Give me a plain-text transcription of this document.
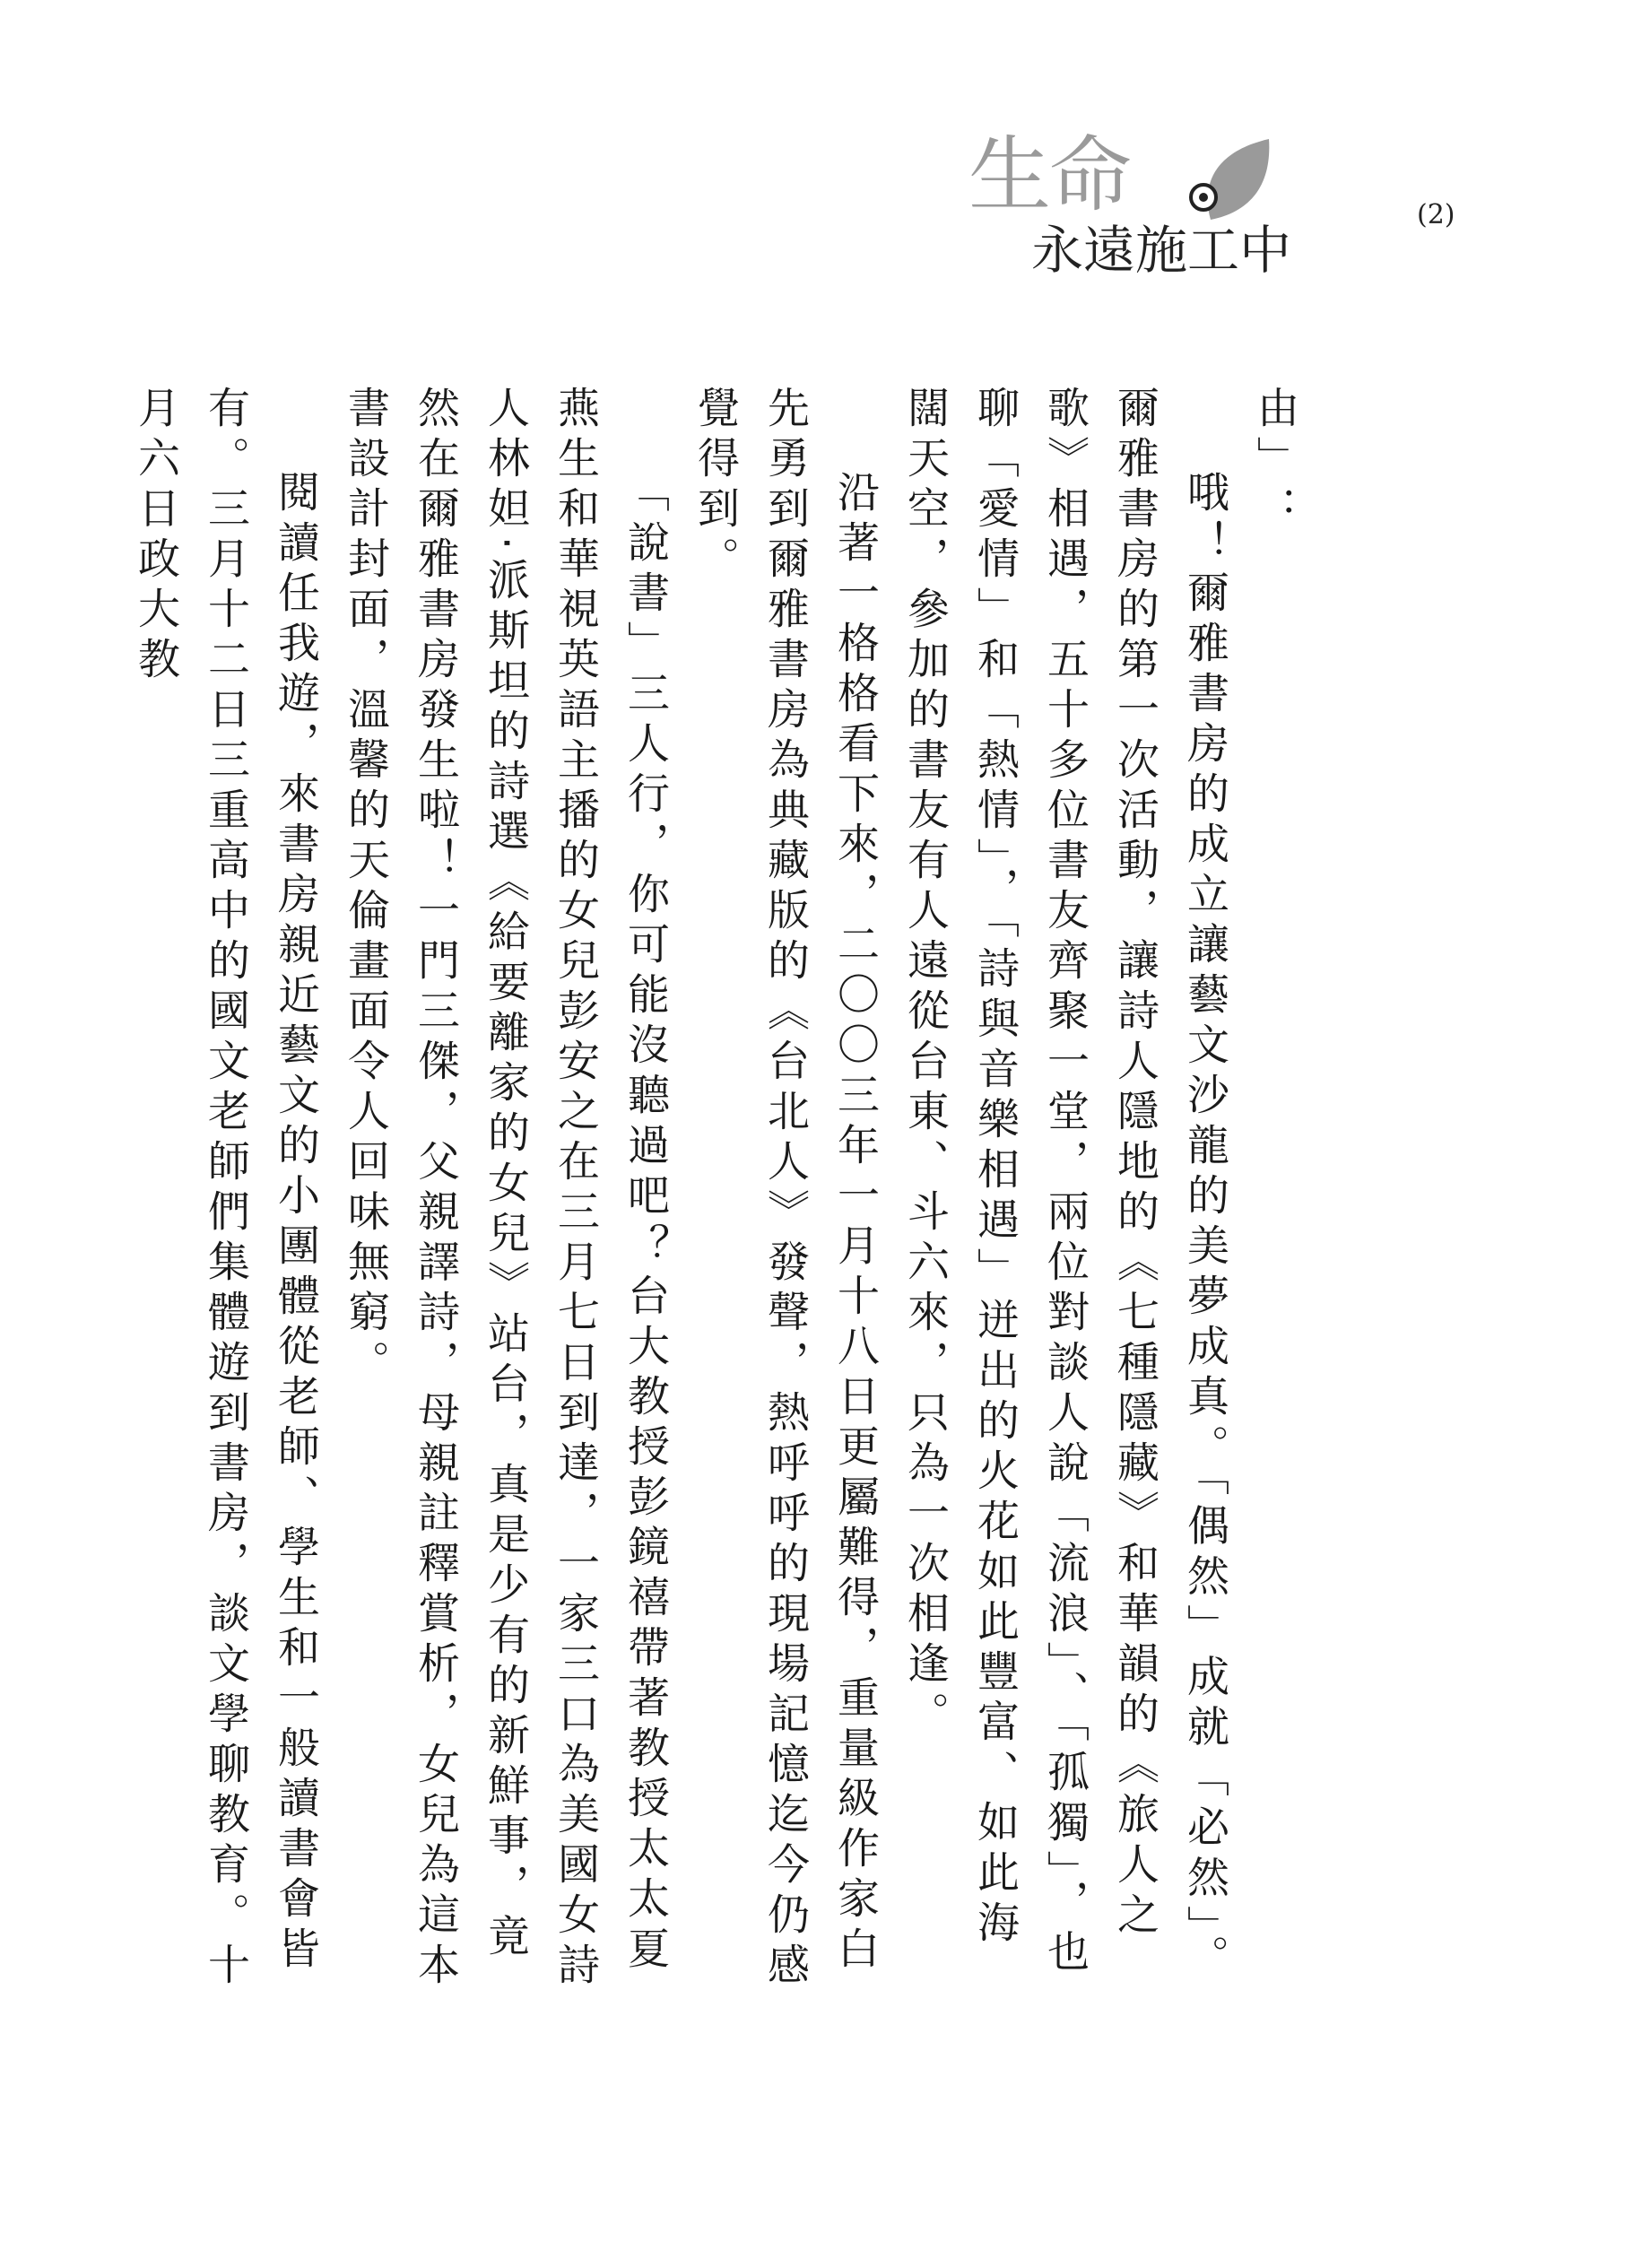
生命
永遠施工中
(2)

由」：

哦！爾雅書房的成立讓藝文沙龍的美夢成真。「偶然」成就「必然」。爾雅書房的第一次活動，讓詩人隱地的《七種隱藏》和華韻的《旅人之歌》相遇，五十多位書友齊聚一堂，兩位對談人說「流浪」、「孤獨」，也聊「愛情」和「熱情」，「詩與音樂相遇」迸出的火花如此豐富、如此海闊天空，參加的書友有人遠從台東、斗六來，只為一次相逢。

沿著一格格看下來，二〇〇三年一月十八日更屬難得，重量級作家白先勇到爾雅書房為典藏版的《台北人》發聲，熱呼呼的現場記憶迄今仍感覺得到。

「說書」三人行，你可能沒聽過吧？台大教授彭鏡禧帶著教授太太夏燕生和華視英語主播的女兒彭安之在三月七日到達，一家三口為美國女詩人林妲‧派斯坦的詩選《給要離家的女兒》站台，真是少有的新鮮事，竟然在爾雅書房發生啦！一門三傑，父親譯詩，母親註釋賞析，女兒為這本書設計封面，溫馨的天倫畫面令人回味無窮。

閱讀任我遊，來書房親近藝文的小團體從老師、學生和一般讀書會皆有。三月十二日三重高中的國文老師們集體遊到書房，談文學聊教育。十月六日政大教
